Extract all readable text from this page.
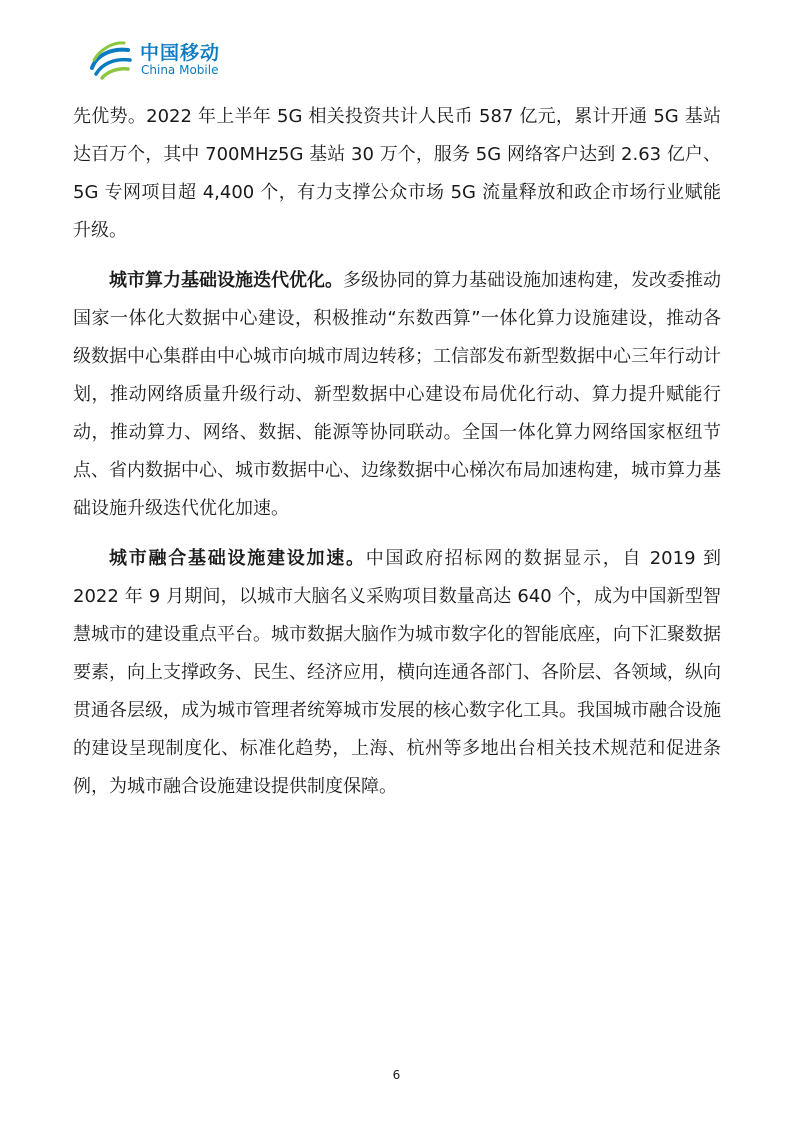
中国移动
China Mobile

先优势。2022 年上半年 5G 相关投资共计人民币 587 亿元，累计开通 5G 基站达百万个，其中 700MHz5G 基站 30 万个，服务 5G 网络客户达到 2.63 亿户、5G 专网项目超 4,400 个，有力支撑公众市场 5G 流量释放和政企市场行业赋能升级。

城市算力基础设施迭代优化。多级协同的算力基础设施加速构建，发改委推动国家一体化大数据中心建设，积极推动“东数西算”一体化算力设施建设，推动各级数据中心集群由中心城市向城市周边转移；工信部发布新型数据中心三年行动计划，推动网络质量升级行动、新型数据中心建设布局优化行动、算力提升赋能行动，推动算力、网络、数据、能源等协同联动。全国一体化算力网络国家枢纽节点、省内数据中心、城市数据中心、边缘数据中心梯次布局加速构建，城市算力基础设施升级迭代优化加速。

城市融合基础设施建设加速。中国政府招标网的数据显示，自 2019 到 2022 年 9 月期间，以城市大脑名义采购项目数量高达 640 个，成为中国新型智慧城市的建设重点平台。城市数据大脑作为城市数字化的智能底座，向下汇聚数据要素，向上支撑政务、民生、经济应用，横向连通各部门、各阶层、各领域，纵向贯通各层级，成为城市管理者统筹城市发展的核心数字化工具。我国城市融合设施的建设呈现制度化、标准化趋势，上海、杭州等多地出台相关技术规范和促进条例，为城市融合设施建设提供制度保障。

6
